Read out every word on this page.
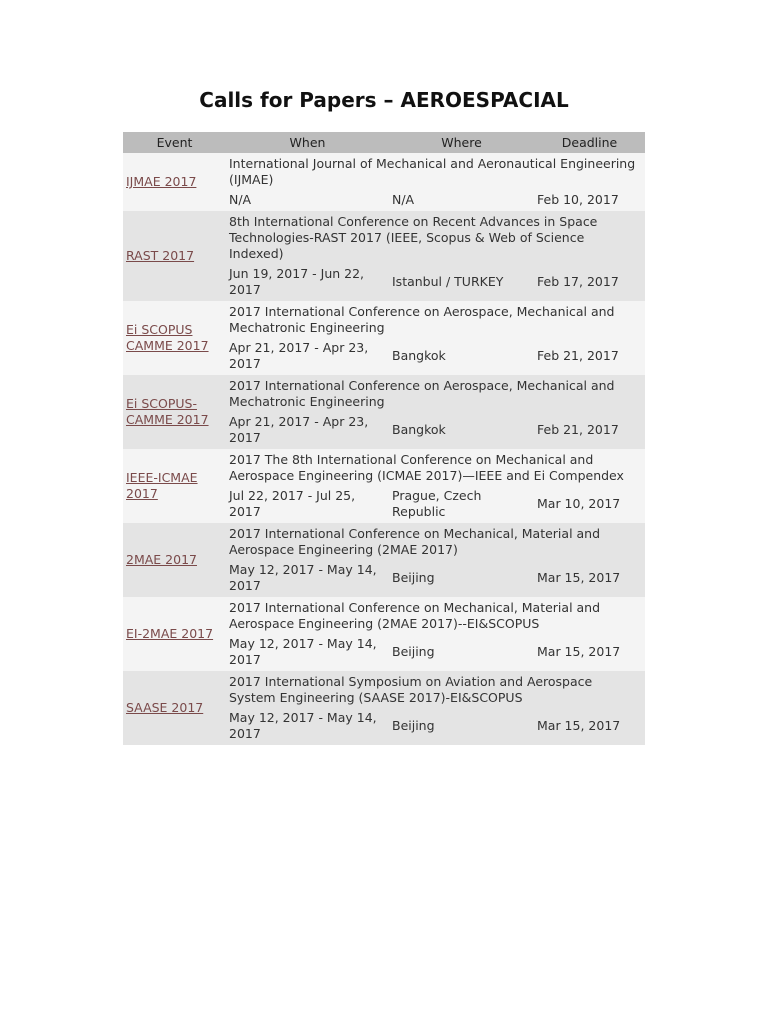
Calls for Papers – AEROESPACIAL
Event	When	Where	Deadline
IJMAE 2017	International Journal of Mechanical and Aeronautical Engineering (IJMAE)		
	N/A	N/A	Feb 10, 2017
RAST 2017	8th International Conference on Recent Advances in Space Technologies-RAST 2017 (IEEE, Scopus & Web of Science Indexed)		
	Jun 19, 2017 - Jun 22, 2017	Istanbul / TURKEY	Feb 17, 2017
Ei SCOPUS CAMME 2017	2017 International Conference on Aerospace, Mechanical and Mechatronic Engineering		
	Apr 21, 2017 - Apr 23, 2017	Bangkok	Feb 21, 2017
Ei SCOPUS-CAMME 2017	2017 International Conference on Aerospace, Mechanical and Mechatronic Engineering		
	Apr 21, 2017 - Apr 23, 2017	Bangkok	Feb 21, 2017
IEEE-ICMAE 2017	2017 The 8th International Conference on Mechanical and Aerospace Engineering (ICMAE 2017)—IEEE and Ei Compendex		
	Jul 22, 2017 - Jul 25, 2017	Prague, Czech Republic	Mar 10, 2017
2MAE 2017	2017 International Conference on Mechanical, Material and Aerospace Engineering (2MAE 2017)		
	May 12, 2017 - May 14, 2017	Beijing	Mar 15, 2017
EI-2MAE 2017	2017 International Conference on Mechanical, Material and Aerospace Engineering (2MAE 2017)--EI&SCOPUS		
	May 12, 2017 - May 14, 2017	Beijing	Mar 15, 2017
SAASE 2017	2017 International Symposium on Aviation and Aerospace System Engineering (SAASE 2017)-EI&SCOPUS		
	May 12, 2017 - May 14, 2017	Beijing	Mar 15, 2017
